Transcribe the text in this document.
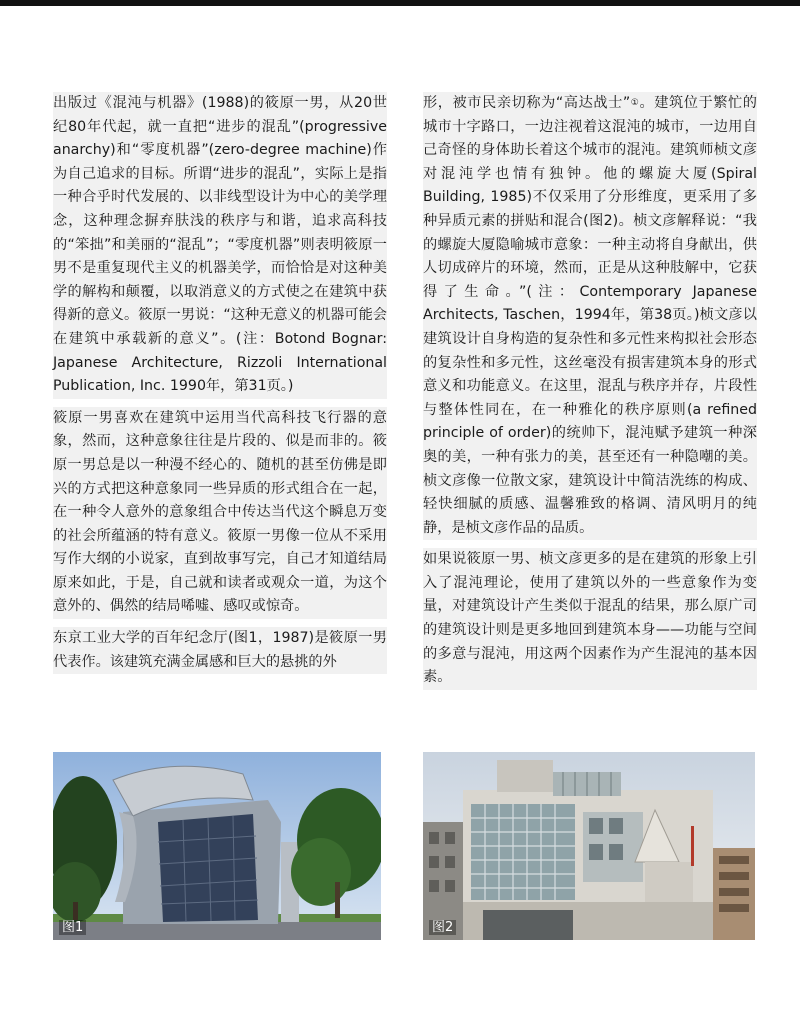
出版过《混沌与机器》(1988)的筱原一男，从20世纪80年代起，就一直把“进步的混乱”(progressive anarchy)和“零度机器”(zero-degree machine)作为自己追求的目标。所谓“进步的混乱”，实际上是指一种合乎时代发展的、以非线型设计为中心的美学理念，这种理念摒弃肤浅的秩序与和谐，追求高科技的“笨拙”和美丽的“混乱”；“零度机器”则表明筱原一男不是重复现代主义的机器美学，而恰恰是对这种美学的解构和颠覆，以取消意义的方式使之在建筑中获得新的意义。筱原一男说：“这种无意义的机器可能会在建筑中承载新的意义”。(注：Botond Bognar: Japanese Architecture, Rizzoli International Publication, Inc. 1990年，第31页。)

筱原一男喜欢在建筑中运用当代高科技飞行器的意象，然而，这种意象往往是片段的、似是而非的。筱原一男总是以一种漫不经心的、随机的甚至仿佛是即兴的方式把这种意象同一些异质的形式组合在一起，在一种令人意外的意象组合中传达当代这个瞬息万变的社会所蕴涵的特有意义。筱原一男像一位从不采用写作大纲的小说家，直到故事写完，自己才知道结局原来如此，于是，自己就和读者或观众一道，为这个意外的、偶然的结局唏嘘、感叹或惊奇。

东京工业大学的百年纪念厅(图1，1987)是筱原一男代表作。该建筑充满金属感和巨大的悬挑的外

形，被市民亲切称为“高达战士”①。建筑位于繁忙的城市十字路口，一边注视着这混沌的城市，一边用自己奇怪的身体助长着这个城市的混沌。建筑师桢文彦对混沌学也情有独钟。他的螺旋大厦(Spiral Building, 1985)不仅采用了分形维度，更采用了多种异质元素的拼贴和混合(图2)。桢文彦解释说：“我的螺旋大厦隐喻城市意象：一种主动将自身献出，供人切成碎片的环境，然而，正是从这种肢解中，它获得了生命。”(注：Contemporary Japanese Architects, Taschen，1994年，第38页。)桢文彦以建筑设计自身构造的复杂性和多元性来构拟社会形态的复杂性和多元性，这丝毫没有损害建筑本身的形式意义和功能意义。在这里，混乱与秩序并存，片段性与整体性同在，在一种雅化的秩序原则(a refined principle of order)的统帅下，混沌赋予建筑一种深奥的美，一种有张力的美，甚至还有一种隐嘲的美。桢文彦像一位散文家，建筑设计中简洁洗练的构成、轻快细腻的质感、温馨雅致的格调、清风明月的纯静，是桢文彦作品的品质。

如果说筱原一男、桢文彦更多的是在建筑的形象上引入了混沌理论，使用了建筑以外的一些意象作为变量，对建筑设计产生类似于混乱的结果，那么原广司的建筑设计则是更多地回到建筑本身——功能与空间的多意与混沌，用这两个因素作为产生混沌的基本因素。

图1	图2
